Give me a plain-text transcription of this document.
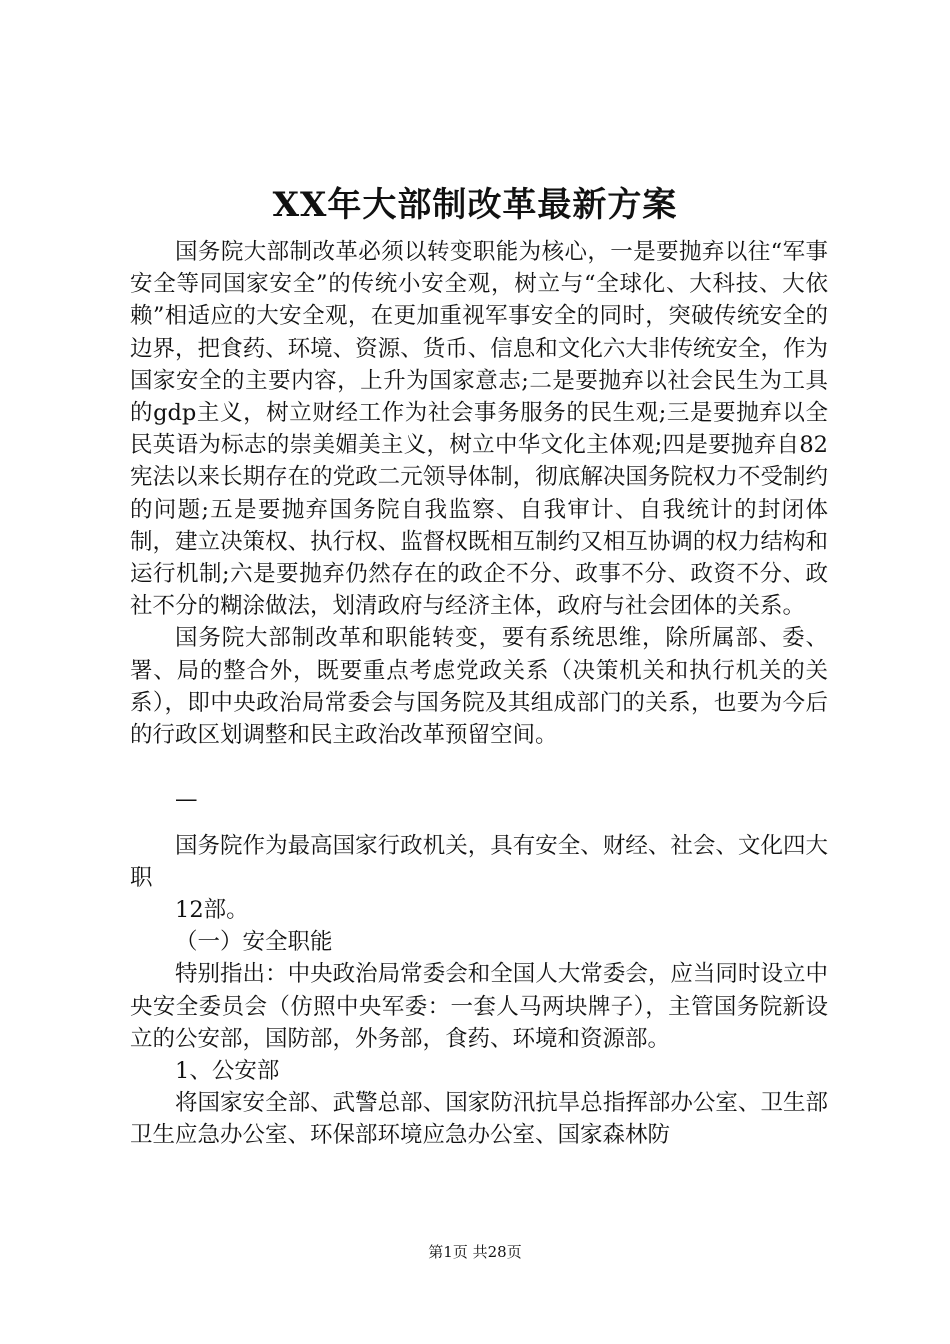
XX年大部制改革最新方案

国务院大部制改革必须以转变职能为核心，一是要抛弃以往“军事安全等同国家安全”的传统小安全观，树立与“全球化、大科技、大依赖”相适应的大安全观，在更加重视军事安全的同时，突破传统安全的边界，把食药、环境、资源、货币、信息和文化六大非传统安全，作为国家安全的主要内容，上升为国家意志;二是要抛弃以社会民生为工具的gdp主义，树立财经工作为社会事务服务的民生观;三是要抛弃以全民英语为标志的崇美媚美主义，树立中华文化主体观;四是要抛弃自82宪法以来长期存在的党政二元领导体制，彻底解决国务院权力不受制约的问题;五是要抛弃国务院自我监察、自我审计、自我统计的封闭体制，建立决策权、执行权、监督权既相互制约又相互协调的权力结构和运行机制;六是要抛弃仍然存在的政企不分、政事不分、政资不分、政社不分的糊涂做法，划清政府与经济主体，政府与社会团体的关系。

国务院大部制改革和职能转变，要有系统思维，除所属部、委、署、局的整合外，既要重点考虑党政关系（决策机关和执行机关的关系），即中央政治局常委会与国务院及其组成部门的关系，也要为今后的行政区划调整和民主政治改革预留空间。

—

国务院作为最高国家行政机关，具有安全、财经、社会、文化四大职

12部。

（一）安全职能

特别指出：中央政治局常委会和全国人大常委会，应当同时设立中央安全委员会（仿照中央军委：一套人马两块牌子），主管国务院新设立的公安部，国防部，外务部，食药、环境和资源部。

1、公安部

将国家安全部、武警总部、国家防汛抗旱总指挥部办公室、卫生部卫生应急办公室、环保部环境应急办公室、国家森林防

第1页 共28页
